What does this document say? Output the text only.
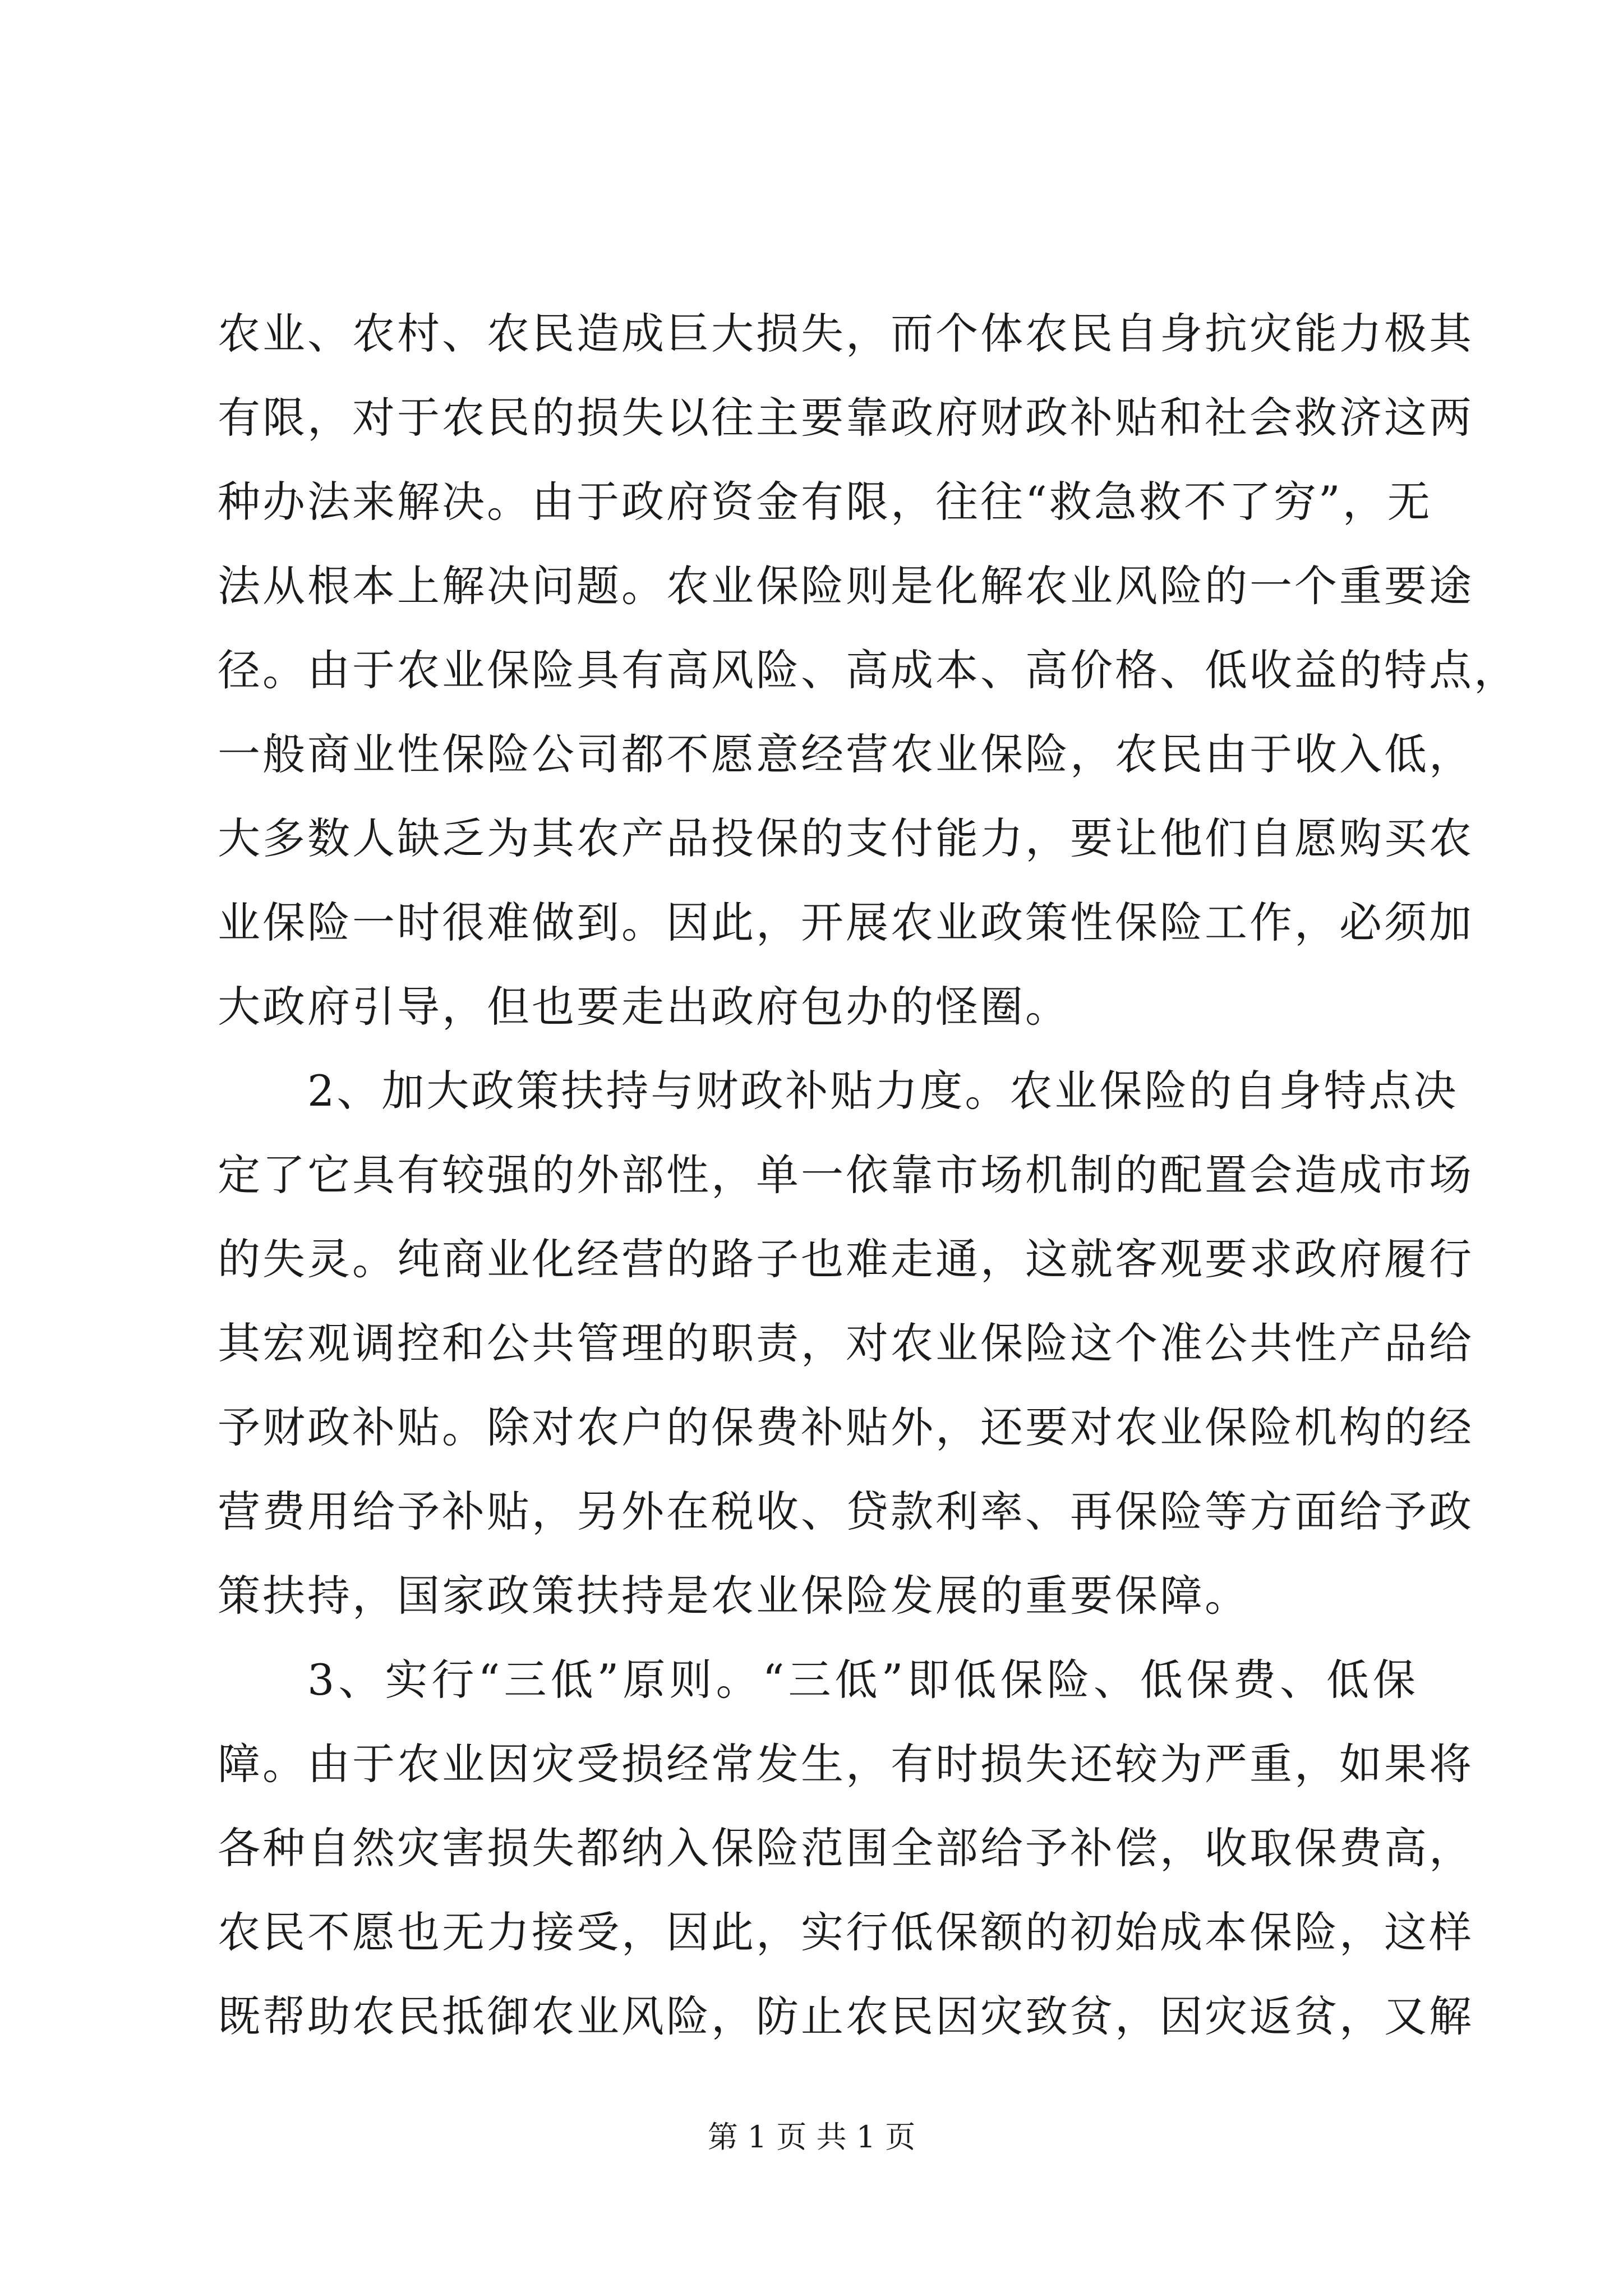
农业、农村、农民造成巨大损失，而个体农民自身抗灾能力极其
有限，对于农民的损失以往主要靠政府财政补贴和社会救济这两
种办法来解决。由于政府资金有限，往往“救急救不了穷”，无
法从根本上解决问题。农业保险则是化解农业风险的一个重要途
径。由于农业保险具有高风险、高成本、高价格、低收益的特点，
一般商业性保险公司都不愿意经营农业保险，农民由于收入低，
大多数人缺乏为其农产品投保的支付能力，要让他们自愿购买农
业保险一时很难做到。因此，开展农业政策性保险工作，必须加
大政府引导，但也要走出政府包办的怪圈。
2、加大政策扶持与财政补贴力度。农业保险的自身特点决
定了它具有较强的外部性，单一依靠市场机制的配置会造成市场
的失灵。纯商业化经营的路子也难走通，这就客观要求政府履行
其宏观调控和公共管理的职责，对农业保险这个准公共性产品给
予财政补贴。除对农户的保费补贴外，还要对农业保险机构的经
营费用给予补贴，另外在税收、贷款利率、再保险等方面给予政
策扶持，国家政策扶持是农业保险发展的重要保障。
3、实行“三低”原则。“三低”即低保险、低保费、低保
障。由于农业因灾受损经常发生，有时损失还较为严重，如果将
各种自然灾害损失都纳入保险范围全部给予补偿，收取保费高，
农民不愿也无力接受，因此，实行低保额的初始成本保险，这样
既帮助农民抵御农业风险，防止农民因灾致贫，因灾返贫，又解
第 1 页 共 1 页
